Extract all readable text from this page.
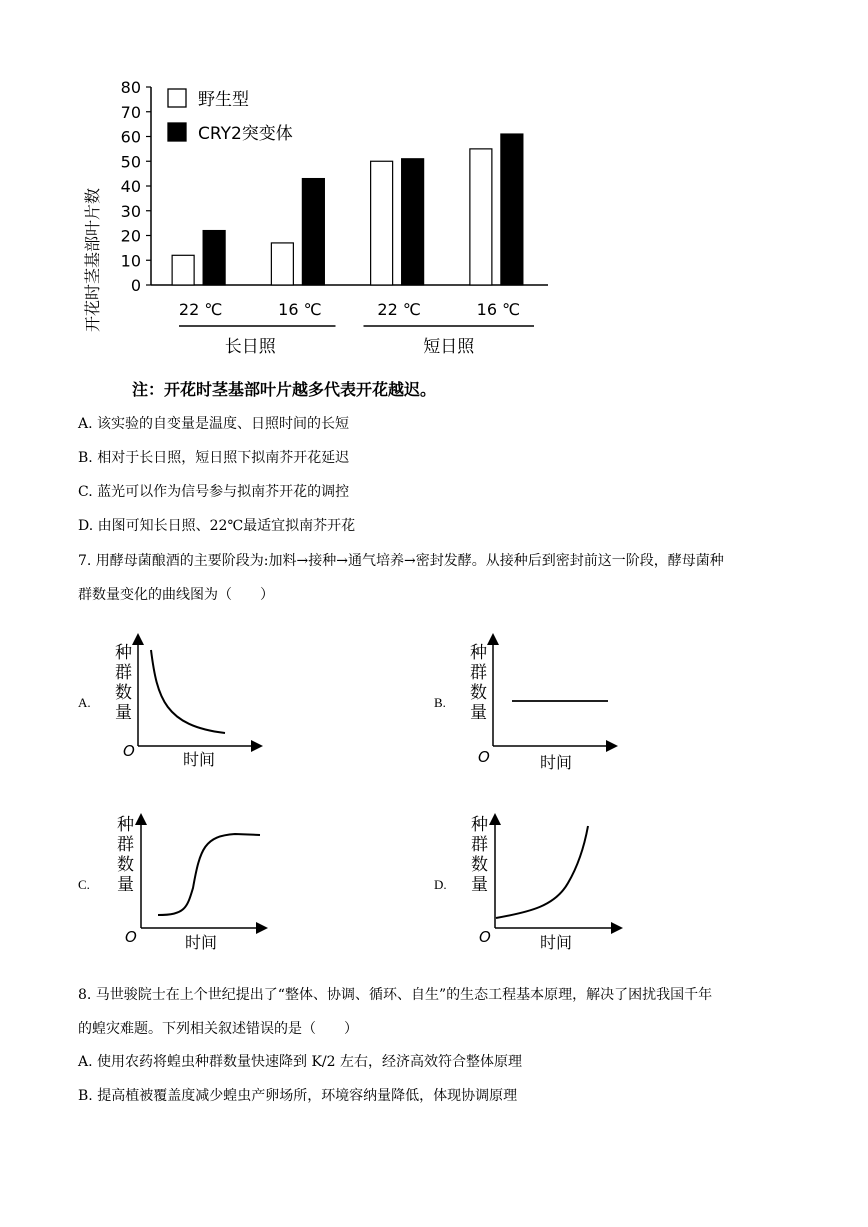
开花时茎基部叶片数 0
10
20
30
40
50
60
70
80
22 ℃	16 ℃	22 ℃	16 ℃
长日照	短日照
野生型
CRY2突变体
注：开花时茎基部叶片越多代表开花越迟。
A. 该实验的自变量是温度、日照时间的长短
B. 相对于长日照，短日照下拟南芥开花延迟
C. 蓝光可以作为信号参与拟南芥开花的调控
D. 由图可知长日照、22℃最适宜拟南芥开花
7. 用酵母菌酿酒的主要阶段为:加料→接种→通气培养→密封发酵。从接种后到密封前这一阶段，酵母菌种
群数量变化的曲线图为（　　）
A.
种
群
数
量
O	时间
B.
种
群
数
量
O	时间
C.
种
群
数
量
O	时间
D.
种
群
数
量
O	时间
8. 马世骏院士在上个世纪提出了“整体、协调、循环、自生”的生态工程基本原理，解决了困扰我国千年
的蝗灾难题。下列相关叙述错误的是（　　）
A. 使用农药将蝗虫种群数量快速降到 K/2 左右，经济高效符合整体原理
B. 提高植被覆盖度减少蝗虫产卵场所，环境容纳量降低，体现协调原理
